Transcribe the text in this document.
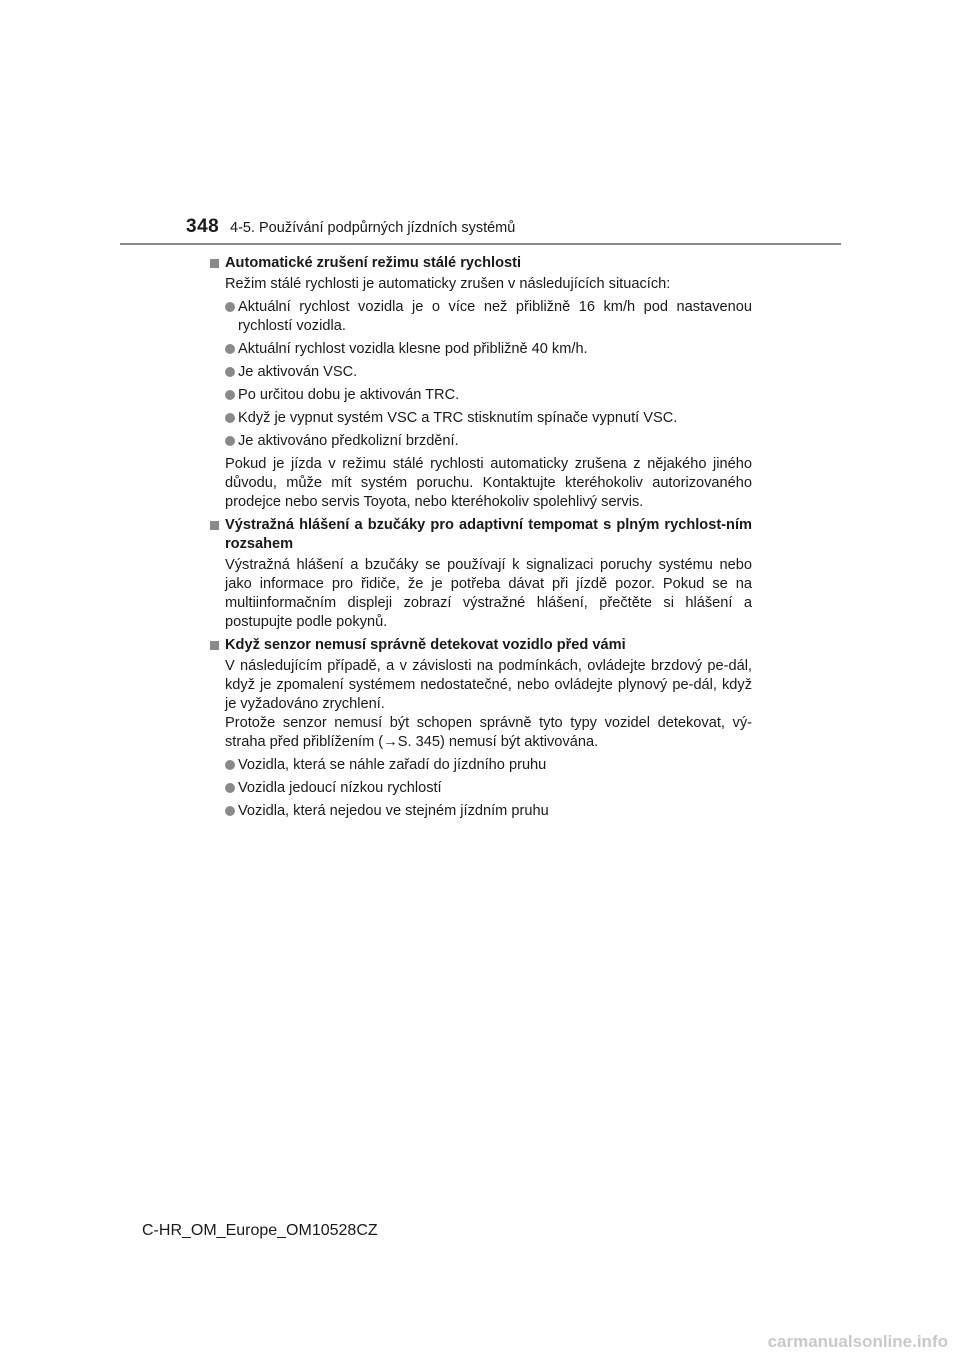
348 4-5. Používání podpůrných jízdních systémů
Automatické zrušení režimu stálé rychlosti
Režim stálé rychlosti je automaticky zrušen v následujících situacích:
Aktuální rychlost vozidla je o více než přibližně 16 km/h pod nastavenou rychlostí vozidla.
Aktuální rychlost vozidla klesne pod přibližně 40 km/h.
Je aktivován VSC.
Po určitou dobu je aktivován TRC.
Když je vypnut systém VSC a TRC stisknutím spínače vypnutí VSC.
Je aktivováno předkolizní brzdění.
Pokud je jízda v režimu stálé rychlosti automaticky zrušena z nějakého jiného důvodu, může mít systém poruchu. Kontaktujte kteréhokoliv autorizovaného prodejce nebo servis Toyota, nebo kteréhokoliv spolehlivý servis.
Výstražná hlášení a bzučáky pro adaptivní tempomat s plným rychlost-ním rozsahem
Výstražná hlášení a bzučáky se používají k signalizaci poruchy systému nebo jako informace pro řidiče, že je potřeba dávat při jízdě pozor. Pokud se na multiinformačním displeji zobrazí výstražné hlášení, přečtěte si hlášení a postupujte podle pokynů.
Když senzor nemusí správně detekovat vozidlo před vámi
V následujícím případě, a v závislosti na podmínkách, ovládejte brzdový pe-dál, když je zpomalení systémem nedostatečné, nebo ovládejte plynový pe-dál, když je vyžadováno zrychlení.
Protože senzor nemusí být schopen správně tyto typy vozidel detekovat, vý-straha před přiblížením (→S. 345) nemusí být aktivována.
Vozidla, která se náhle zařadí do jízdního pruhu
Vozidla jedoucí nízkou rychlostí
Vozidla, která nejedou ve stejném jízdním pruhu
C-HR_OM_Europe_OM10528CZ
carmanualsonline.info
